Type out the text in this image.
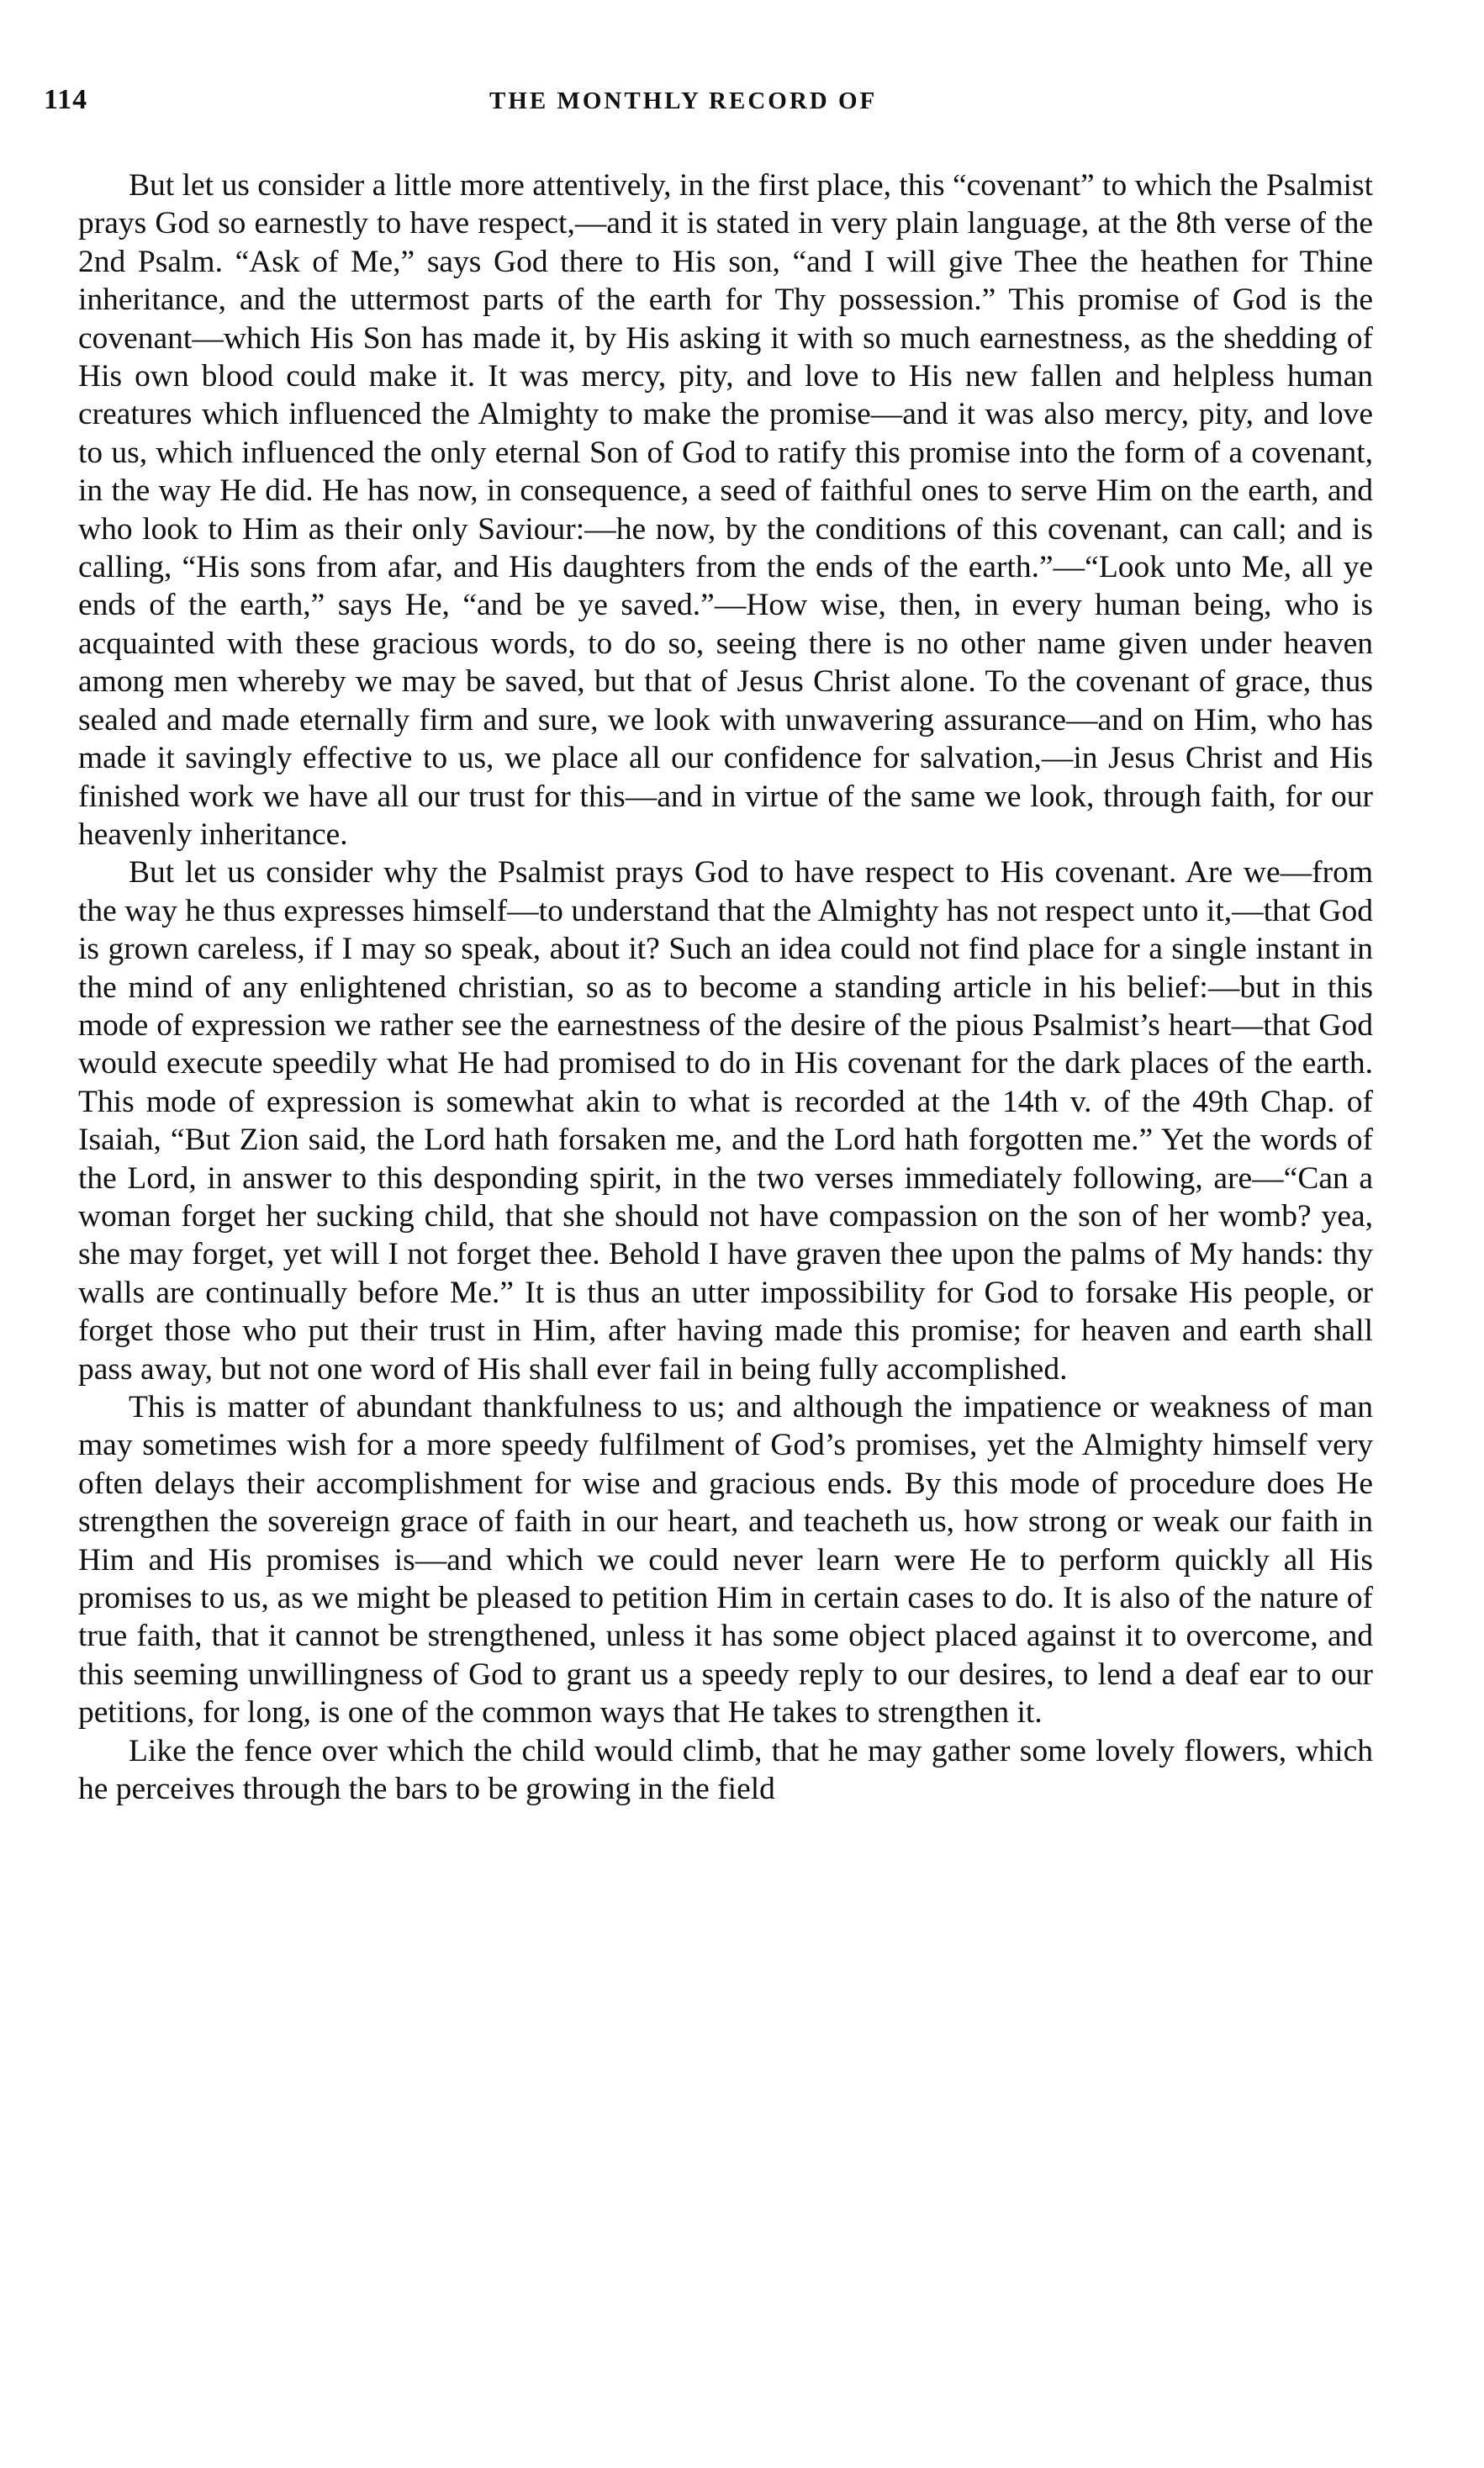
114	THE MONTHLY RECORD OF

But let us consider a little more attentively, in the first place, this “covenant” to which the Psalmist prays God so earnestly to have respect,—and it is stated in very plain language, at the 8th verse of the 2nd Psalm. “Ask of Me,” says God there to His son, “and I will give Thee the heathen for Thine inheritance, and the uttermost parts of the earth for Thy possession.” This promise of God is the covenant—which His Son has made it, by His asking it with so much earnestness, as the shedding of His own blood could make it. It was mercy, pity, and love to His new fallen and helpless human creatures which influenced the Almighty to make the promise—and it was also mercy, pity, and love to us, which influenced the only eternal Son of God to ratify this promise into the form of a covenant, in the way He did. He has now, in consequence, a seed of faithful ones to serve Him on the earth, and who look to Him as their only Saviour:—he now, by the conditions of this covenant, can call; and is calling, “His sons from afar, and His daughters from the ends of the earth.”—“Look unto Me, all ye ends of the earth,” says He, “and be ye saved.”—How wise, then, in every human being, who is acquainted with these gracious words, to do so, seeing there is no other name given under heaven among men whereby we may be saved, but that of Jesus Christ alone. To the covenant of grace, thus sealed and made eternally firm and sure, we look with unwavering assurance—and on Him, who has made it savingly effective to us, we place all our confidence for salvation,—in Jesus Christ and His finished work we have all our trust for this—and in virtue of the same we look, through faith, for our heavenly inheritance.

But let us consider why the Psalmist prays God to have respect to His covenant. Are we—from the way he thus expresses himself—to understand that the Almighty has not respect unto it,—that God is grown careless, if I may so speak, about it? Such an idea could not find place for a single instant in the mind of any enlightened christian, so as to become a standing article in his belief:—but in this mode of expression we rather see the earnestness of the desire of the pious Psalmist’s heart—that God would execute speedily what He had promised to do in His covenant for the dark places of the earth. This mode of expression is somewhat akin to what is recorded at the 14th v. of the 49th Chap. of Isaiah, “But Zion said, the Lord hath forsaken me, and the Lord hath forgotten me.” Yet the words of the Lord, in answer to this desponding spirit, in the two verses immediately following, are—“Can a woman forget her sucking child, that she should not have compassion on the son of her womb? yea, she may forget, yet will I not forget thee. Behold I have graven thee upon the palms of My hands: thy walls are continually before Me.” It is thus an utter impossibility for God to forsake His people, or forget those who put their trust in Him, after having made this promise; for heaven and earth shall pass away, but not one word of His shall ever fail in being fully accomplished.

This is matter of abundant thankfulness to us; and although the impatience or weakness of man may sometimes wish for a more speedy fulfilment of God’s promises, yet the Almighty himself very often delays their accomplishment for wise and gracious ends. By this mode of procedure does He strengthen the sovereign grace of faith in our heart, and teacheth us, how strong or weak our faith in Him and His promises is—and which we could never learn were He to perform quickly all His promises to us, as we might be pleased to petition Him in certain cases to do. It is also of the nature of true faith, that it cannot be strengthened, unless it has some object placed against it to overcome, and this seeming unwillingness of God to grant us a speedy reply to our desires, to lend a deaf ear to our petitions, for long, is one of the common ways that He takes to strengthen it.

Like the fence over which the child would climb, that he may gather some lovely flowers, which he perceives through the bars to be growing in the field
